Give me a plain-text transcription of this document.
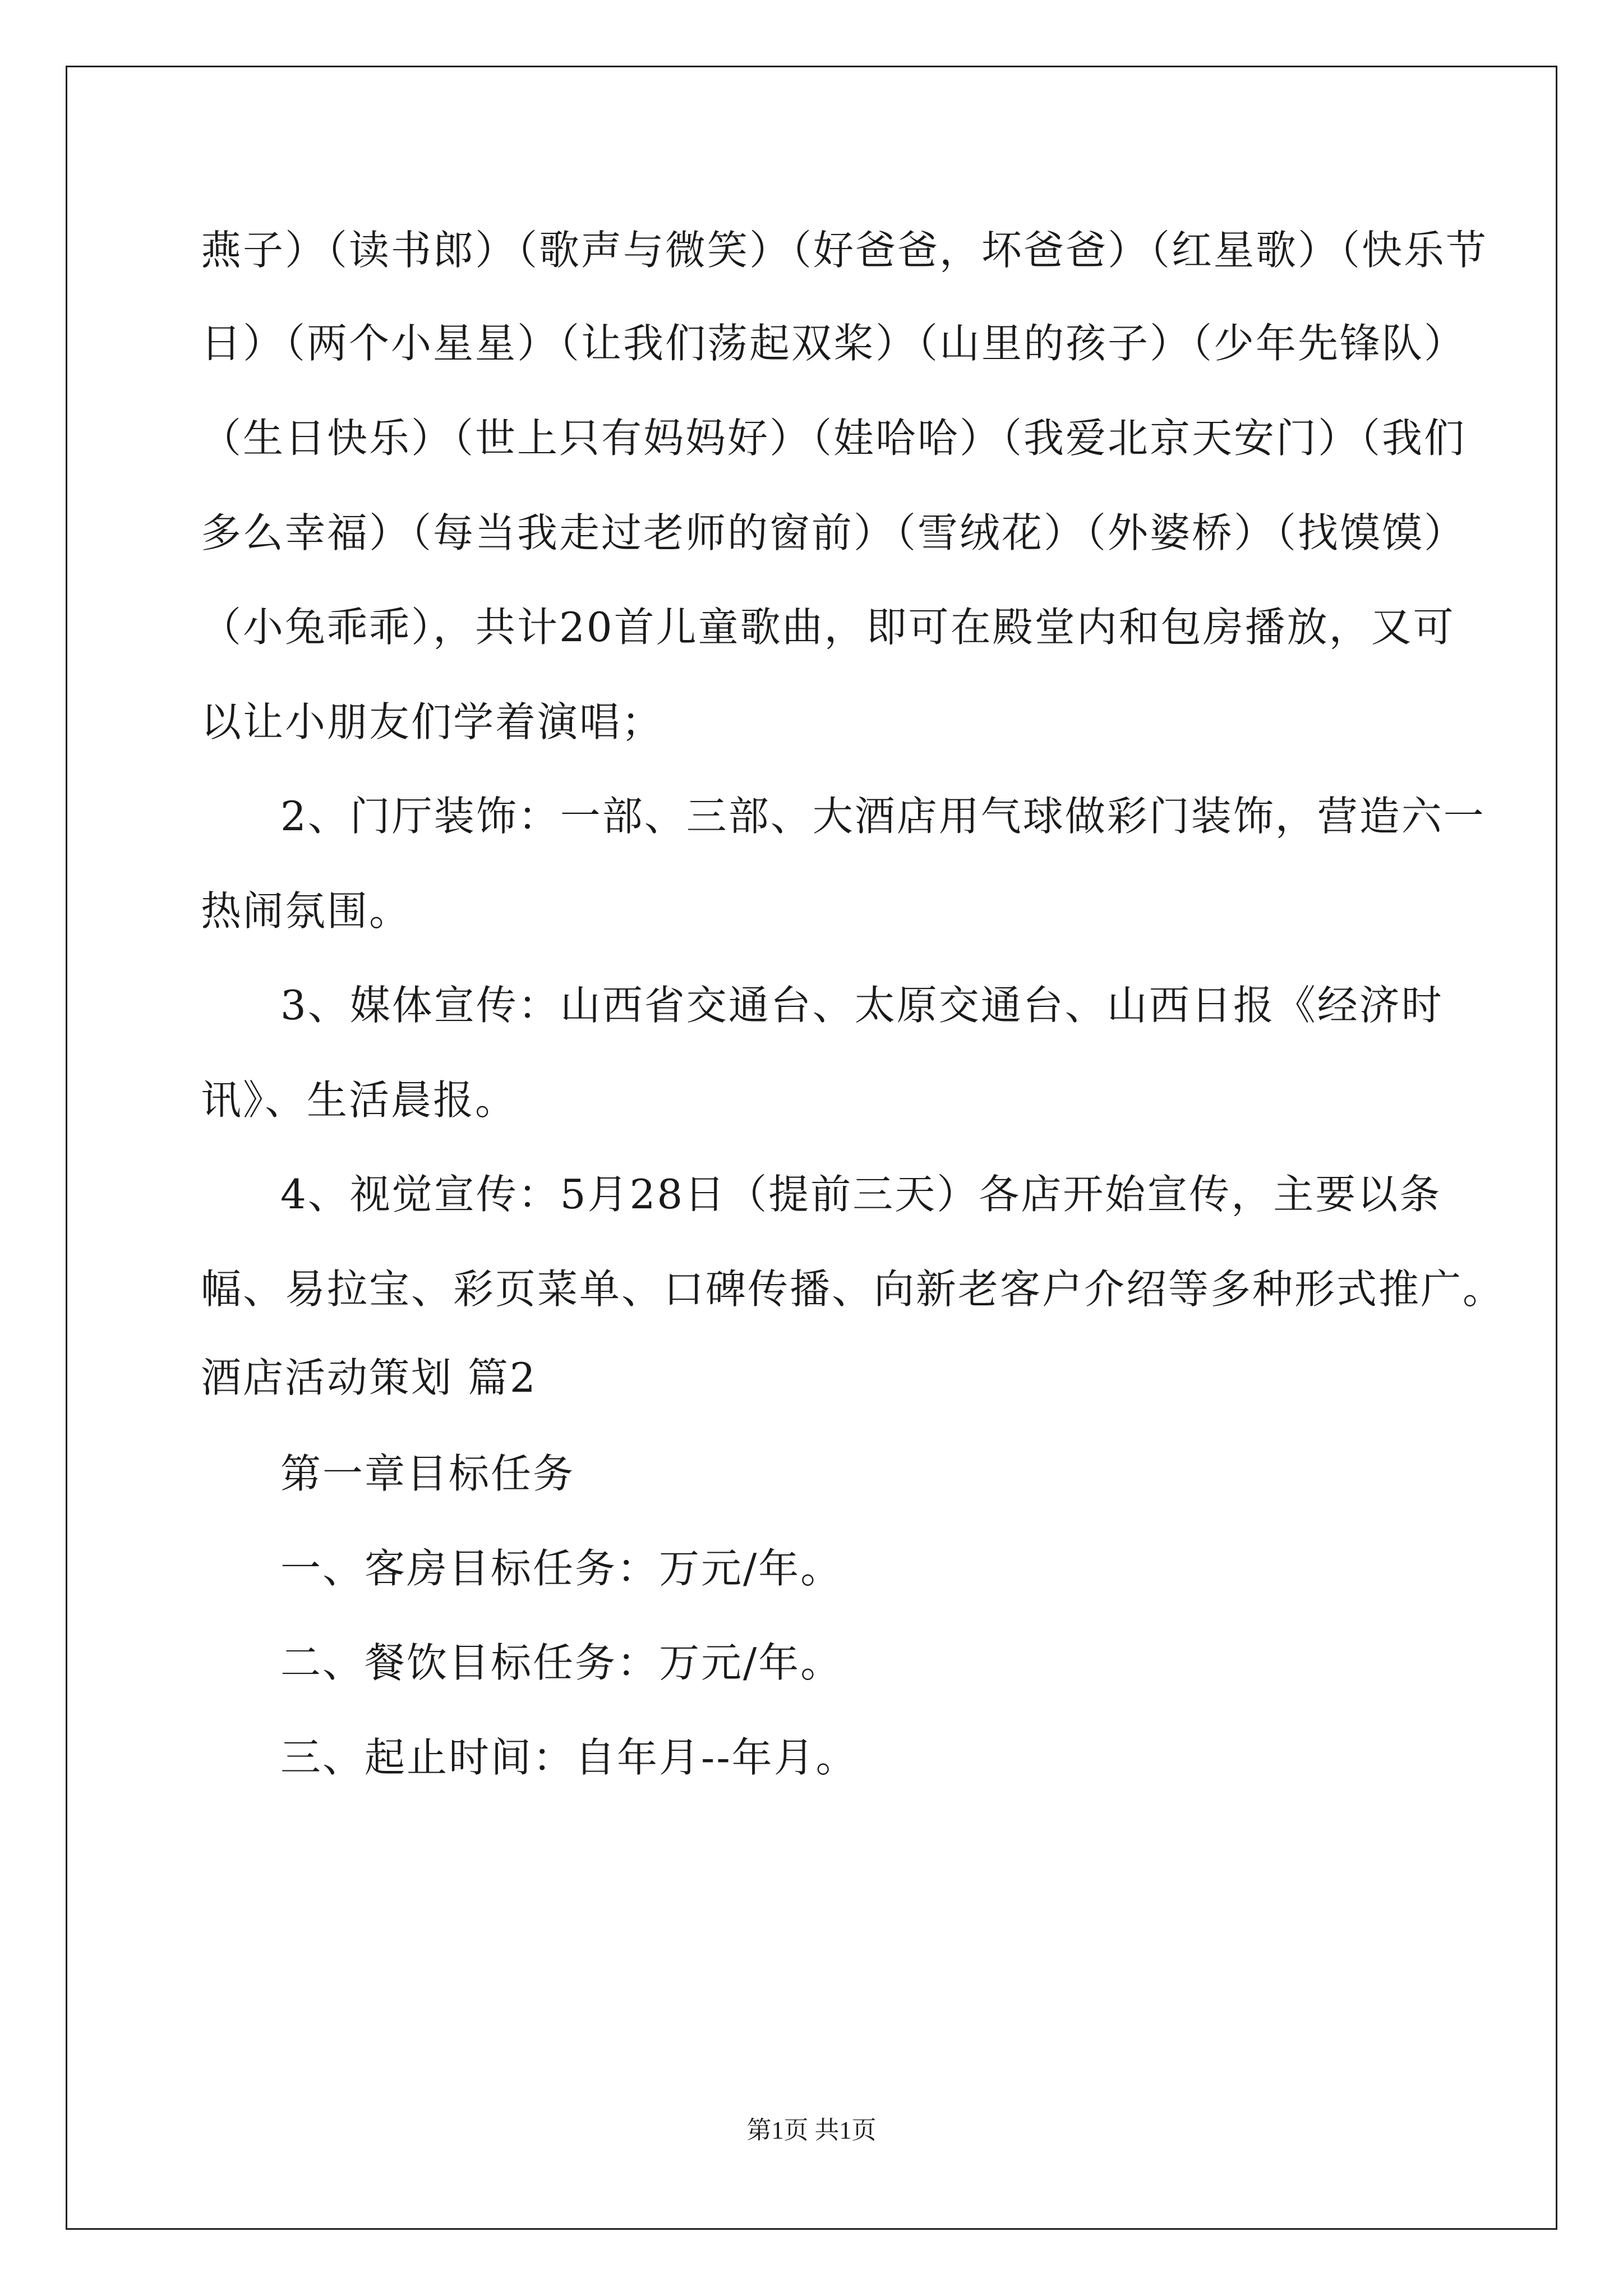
燕子）（读书郎）（歌声与微笑）（好爸爸，坏爸爸）（红星歌）（快乐节
日）（两个小星星）（让我们荡起双桨）（山里的孩子）（少年先锋队）
（生日快乐）（世上只有妈妈好）（娃哈哈）（我爱北京天安门）（我们
多么幸福）（每当我走过老师的窗前）（雪绒花）（外婆桥）（找馍馍）
（小兔乖乖），共计20首儿童歌曲，即可在殿堂内和包房播放，又可
以让小朋友们学着演唱；
2、门厅装饰：一部、三部、大酒店用气球做彩门装饰，营造六一
热闹氛围。
3、媒体宣传：山西省交通台、太原交通台、山西日报《经济时
讯》、生活晨报。
4、视觉宣传：5月28日（提前三天）各店开始宣传，主要以条
幅、易拉宝、彩页菜单、口碑传播、向新老客户介绍等多种形式推广。
酒店活动策划 篇2
第一章目标任务
一、客房目标任务：万元/年。
二、餐饮目标任务：万元/年。
三、起止时间：自年月--年月。
第1页 共1页
